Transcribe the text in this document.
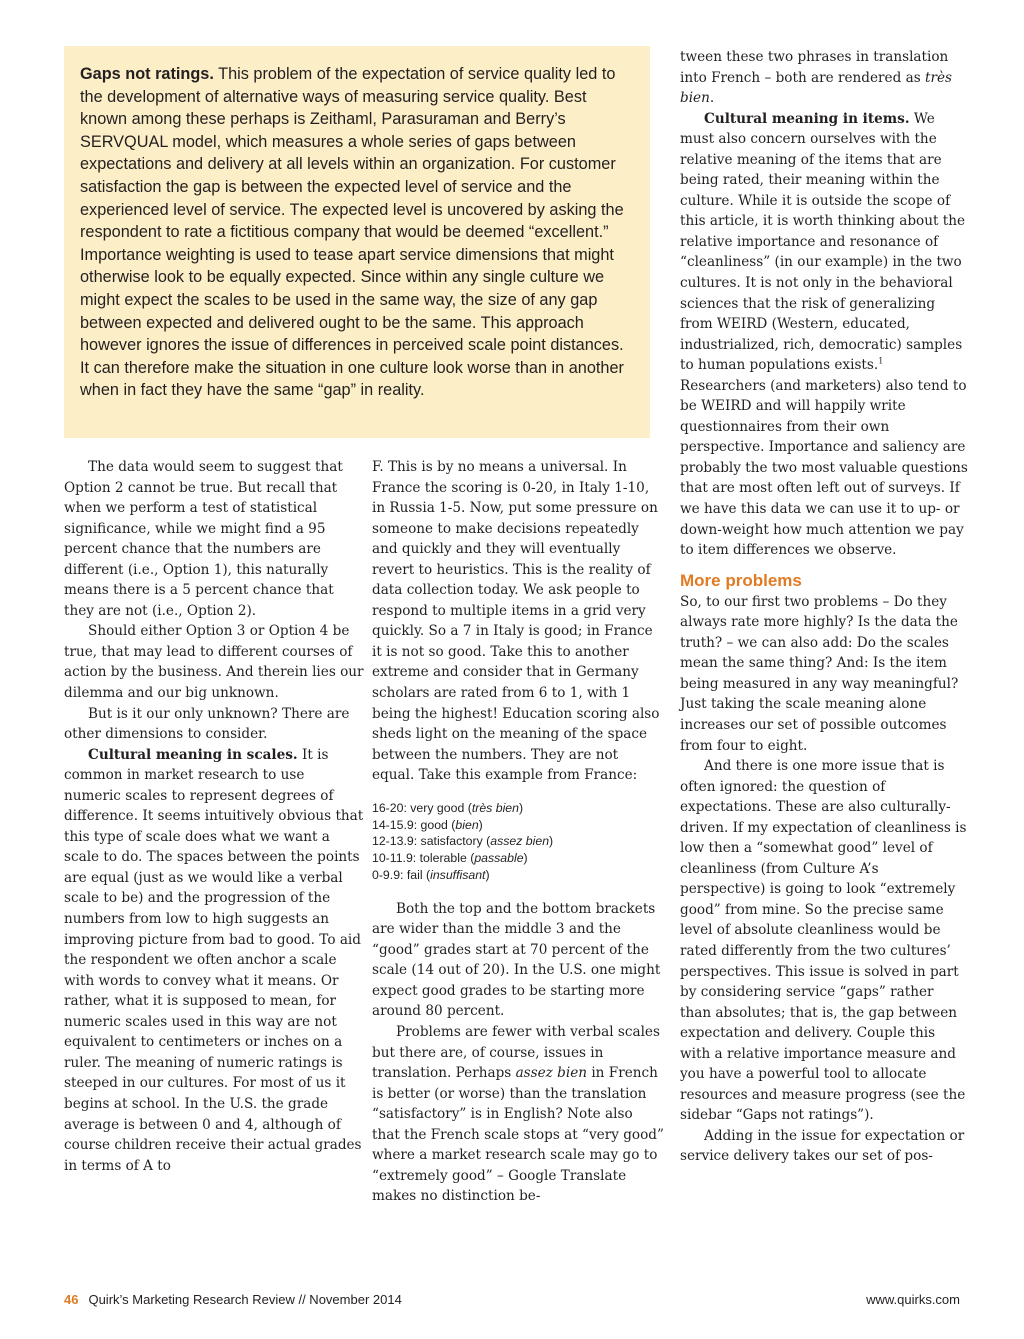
Gaps not ratings. This problem of the expectation of service quality led to the development of alternative ways of measuring service quality. Best known among these perhaps is Zeithaml, Parasuraman and Berry’s SERVQUAL model, which measures a whole series of gaps between expectations and delivery at all levels within an organization. For customer satisfaction the gap is between the expected level of service and the experienced level of service. The expected level is uncovered by asking the respondent to rate a fictitious company that would be deemed “excellent.” Importance weighting is used to tease apart service dimensions that might otherwise look to be equally expected. Since within any single culture we might expect the scales to be used in the same way, the size of any gap between expected and delivered ought to be the same. This approach however ignores the issue of differences in perceived scale point distances. It can therefore make the situation in one culture look worse than in another when in fact they have the same “gap” in reality.

The data would seem to suggest that Option 2 cannot be true. But recall that when we perform a test of statistical significance, while we might find a 95 percent chance that the numbers are different (i.e., Option 1), this naturally means there is a 5 percent chance that they are not (i.e., Option 2).

Should either Option 3 or Option 4 be true, that may lead to different courses of action by the business. And therein lies our dilemma and our big unknown.

But is it our only unknown? There are other dimensions to consider.

Cultural meaning in scales. It is common in market research to use numeric scales to represent degrees of difference. It seems intuitively obvious that this type of scale does what we want a scale to do. The spaces between the points are equal (just as we would like a verbal scale to be) and the progression of the numbers from low to high suggests an improving picture from bad to good. To aid the respondent we often anchor a scale with words to convey what it means. Or rather, what it is supposed to mean, for numeric scales used in this way are not equivalent to centimeters or inches on a ruler. The meaning of numeric ratings is steeped in our cultures. For most of us it begins at school. In the U.S. the grade average is between 0 and 4, although of course children receive their actual grades in terms of A to

F. This is by no means a universal. In France the scoring is 0-20, in Italy 1-10, in Russia 1-5. Now, put some pressure on someone to make decisions repeatedly and quickly and they will eventually revert to heuristics. This is the reality of data collection today. We ask people to respond to multiple items in a grid very quickly. So a 7 in Italy is good; in France it is not so good. Take this to another extreme and consider that in Germany scholars are rated from 6 to 1, with 1 being the highest! Education scoring also sheds light on the meaning of the space between the numbers. They are not equal. Take this example from France:

16-20: very good (très bien)
14-15.9: good (bien)
12-13.9: satisfactory (assez bien)
10-11.9: tolerable (passable)
0-9.9: fail (insuffisant)

Both the top and the bottom brackets are wider than the middle 3 and the “good” grades start at 70 percent of the scale (14 out of 20). In the U.S. one might expect good grades to be starting more around 80 percent.

Problems are fewer with verbal scales but there are, of course, issues in translation. Perhaps assez bien in French is better (or worse) than the translation “satisfactory” is in English? Note also that the French scale stops at “very good” where a market research scale may go to “extremely good” – Google Translate makes no distinction be-

tween these two phrases in translation into French – both are rendered as très bien.

Cultural meaning in items. We must also concern ourselves with the relative meaning of the items that are being rated, their meaning within the culture. While it is outside the scope of this article, it is worth thinking about the relative importance and resonance of “cleanliness” (in our example) in the two cultures. It is not only in the behavioral sciences that the risk of generalizing from WEIRD (Western, educated, industrialized, rich, democratic) samples to human populations exists.$^1$ Researchers (and marketers) also tend to be WEIRD and will happily write questionnaires from their own perspective. Importance and saliency are probably the two most valuable questions that are most often left out of surveys. If we have this data we can use it to up- or down-weight how much attention we pay to item differences we observe.

More problems

So, to our first two problems – Do they always rate more highly? Is the data the truth? – we can also add: Do the scales mean the same thing? And: Is the item being measured in any way meaningful? Just taking the scale meaning alone increases our set of possible outcomes from four to eight.

And there is one more issue that is often ignored: the question of expectations. These are also culturally-driven. If my expectation of cleanliness is low then a “somewhat good” level of cleanliness (from Culture A’s perspective) is going to look “extremely good” from mine. So the precise same level of absolute cleanliness would be rated differently from the two cultures’ perspectives. This issue is solved in part by considering service “gaps” rather than absolutes; that is, the gap between expectation and delivery. Couple this with a relative importance measure and you have a powerful tool to allocate resources and measure progress (see the sidebar “Gaps not ratings”).

Adding in the issue for expectation or service delivery takes our set of pos-

46 Quirk’s Marketing Research Review // November 2014	www.quirks.com
